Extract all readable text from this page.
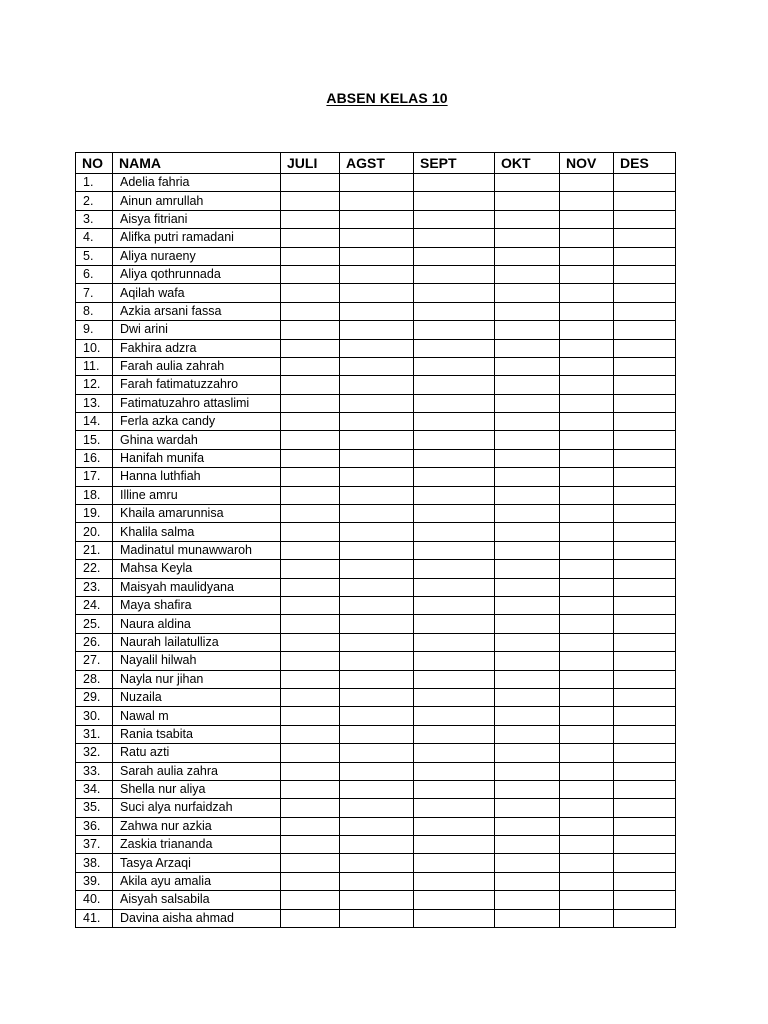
ABSEN KELAS 10
NO	NAMA	JULI	AGST	SEPT	OKT	NOV	DES
1.	Adelia fahria						
2.	Ainun amrullah						
3.	Aisya fitriani						
4.	Alifka putri ramadani						
5.	Aliya nuraeny						
6.	Aliya qothrunnada						
7.	Aqilah wafa						
8.	Azkia arsani fassa						
9.	Dwi arini						
10.	Fakhira adzra						
11.	Farah aulia zahrah						
12.	Farah fatimatuzzahro						
13.	Fatimatuzahro attaslimi						
14.	Ferla azka candy						
15.	Ghina wardah						
16.	Hanifah munifa						
17.	Hanna luthfiah						
18.	Illine amru						
19.	Khaila amarunnisa						
20.	Khalila salma						
21.	Madinatul munawwaroh						
22.	Mahsa Keyla						
23.	Maisyah maulidyana						
24.	Maya shafira						
25.	Naura aldina						
26.	Naurah lailatulliza						
27.	Nayalil hilwah						
28.	Nayla nur jihan						
29.	Nuzaila						
30.	Nawal m						
31.	Rania tsabita						
32.	Ratu azti						
33.	Sarah aulia zahra						
34.	Shella nur aliya						
35.	Suci alya nurfaidzah						
36.	Zahwa nur azkia						
37.	Zaskia triananda						
38.	Tasya Arzaqi						
39.	Akila ayu amalia						
40.	Aisyah salsabila						
41.	Davina aisha ahmad						
